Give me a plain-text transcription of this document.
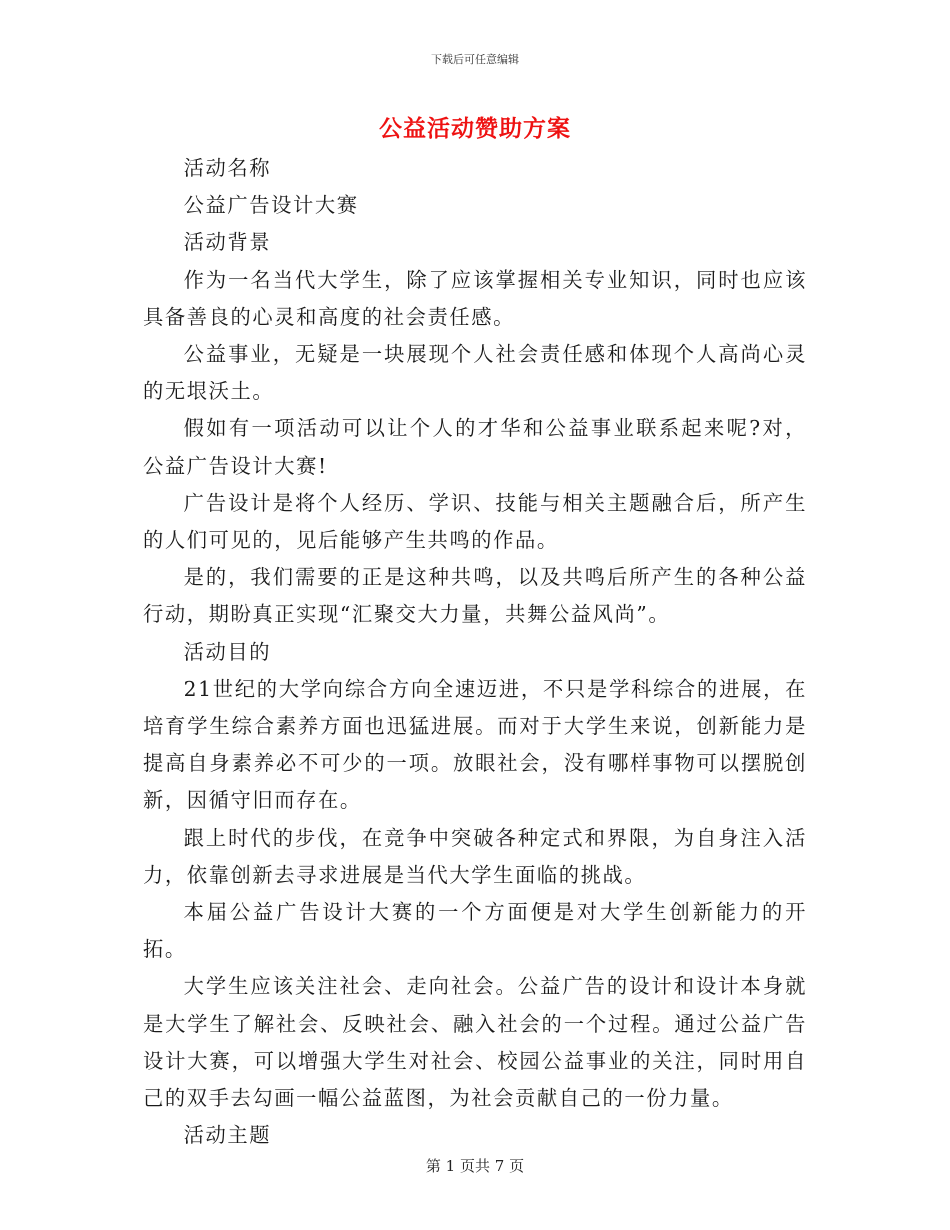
下载后可任意编辑
公益活动赞助方案

活动名称

公益广告设计大赛

活动背景

作为一名当代大学生，除了应该掌握相关专业知识，同时也应该具备善良的心灵和高度的社会责任感。

公益事业，无疑是一块展现个人社会责任感和体现个人高尚心灵的无垠沃土。

假如有一项活动可以让个人的才华和公益事业联系起来呢?对，公益广告设计大赛!

广告设计是将个人经历、学识、技能与相关主题融合后，所产生的人们可见的，见后能够产生共鸣的作品。

是的，我们需要的正是这种共鸣，以及共鸣后所产生的各种公益行动，期盼真正实现“汇聚交大力量，共舞公益风尚”。

活动目的

21世纪的大学向综合方向全速迈进，不只是学科综合的进展，在培育学生综合素养方面也迅猛进展。而对于大学生来说，创新能力是提高自身素养必不可少的一项。放眼社会，没有哪样事物可以摆脱创新，因循守旧而存在。

跟上时代的步伐，在竞争中突破各种定式和界限，为自身注入活力，依靠创新去寻求进展是当代大学生面临的挑战。

本届公益广告设计大赛的一个方面便是对大学生创新能力的开拓。

大学生应该关注社会、走向社会。公益广告的设计和设计本身就是大学生了解社会、反映社会、融入社会的一个过程。通过公益广告设计大赛，可以增强大学生对社会、校园公益事业的关注，同时用自己的双手去勾画一幅公益蓝图，为社会贡献自己的一份力量。

活动主题

第 1 页共 7 页
